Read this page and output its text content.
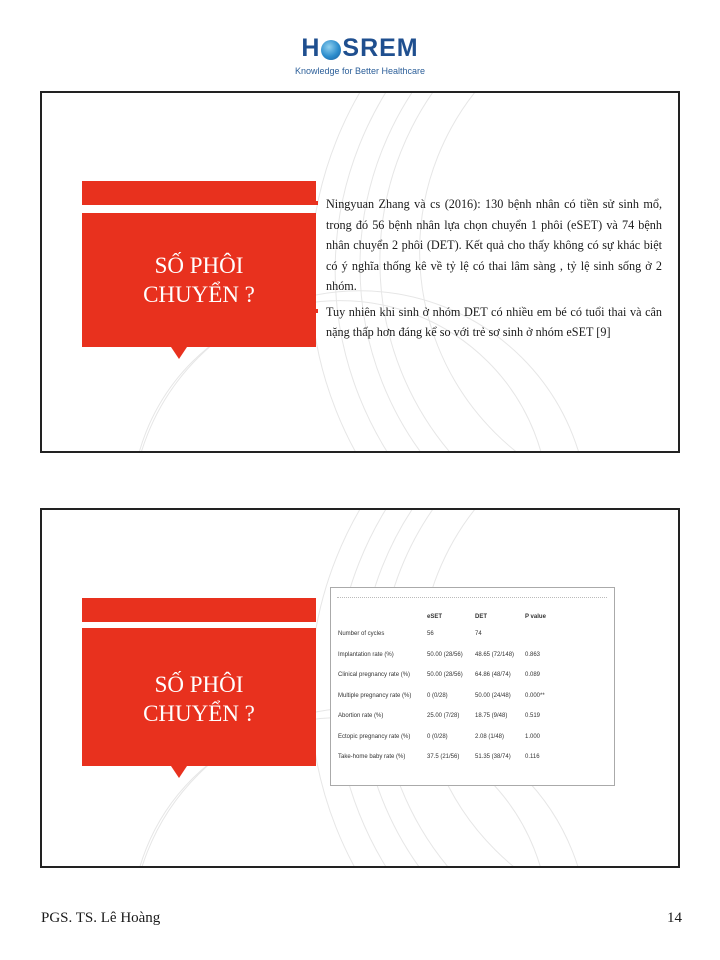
H SREM
Knowledge for Better Healthcare
SỐ PHÔI
CHUYỂN ?
Ningyuan Zhang và cs (2016): 130 bệnh nhân có tiền sử sinh mổ, trong đó 56 bệnh nhân lựa chọn chuyển 1 phôi (eSET) và 74 bệnh nhân chuyển 2 phôi (DET). Kết quả cho thấy không có sự khác biệt có ý nghĩa thống kê về tỷ lệ có thai lâm sàng , tỷ lệ sinh sống ở 2 nhóm.
Tuy nhiên khi sinh ở nhóm DET có nhiều em bé có tuổi thai và cân nặng thấp hơn đáng kể so với trẻ sơ sinh ở nhóm eSET [9]
SỐ PHÔI
CHUYỂN ?
	eSET	DET	P value
Number of cycles	56	74	
Implantation rate (%)	50.00 (28/56)	48.65 (72/148)	0.863
Clinical pregnancy rate (%)	50.00 (28/56)	64.86 (48/74)	0.089
Multiple pregnancy rate (%)	0 (0/28)	50.00 (24/48)	0.000**
Abortion rate (%)	25.00 (7/28)	18.75 (9/48)	0.519
Ectopic pregnancy rate (%)	0 (0/28)	2.08 (1/48)	1.000
Take-home baby rate (%)	37.5 (21/56)	51.35 (38/74)	0.116
PGS. TS. Lê Hoàng	14
